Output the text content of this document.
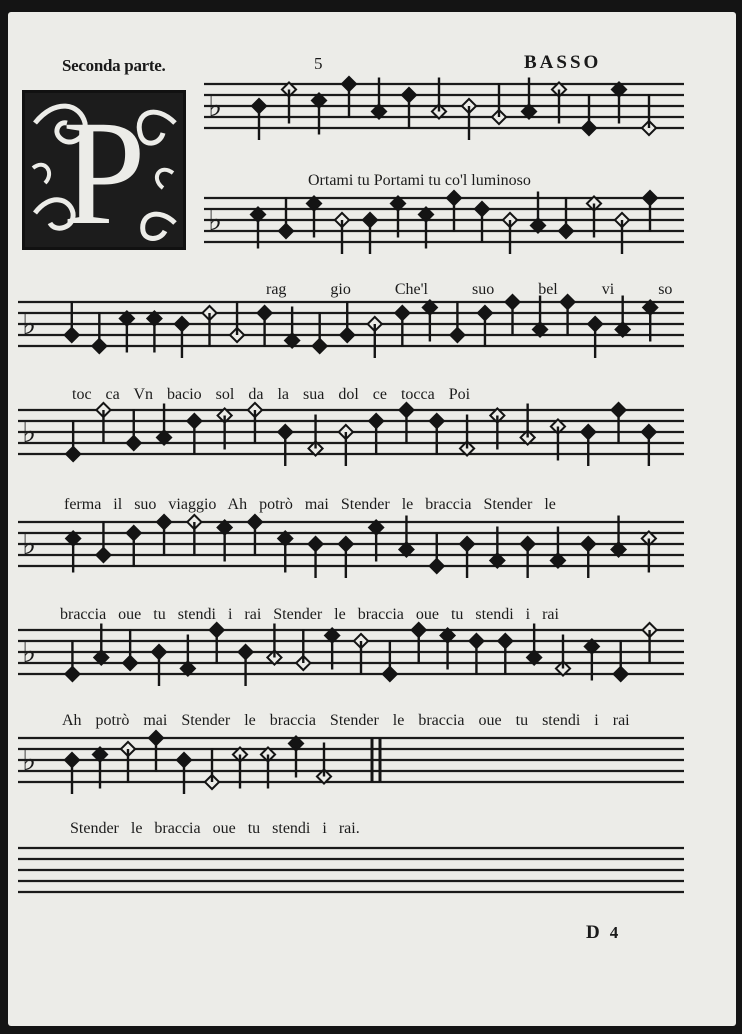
Seconda parte.	5	BASSO
P ♭
♭
♭
♭
♭
♭
♭
Ortami tu Portami tu co'l luminoso
rag gio Che'l suo bel vi so
toc ca Vn bacio sol da la sua dol ce tocca Poi
ferma il suo viaggio Ah potrò mai Stender le braccia Stender le
braccia oue tu stendi i rai Stender le braccia oue tu stendi i rai
Ah potrò mai Stender le braccia Stender le braccia oue tu stendi i rai
Stender le braccia oue tu stendi i rai.
D 4
